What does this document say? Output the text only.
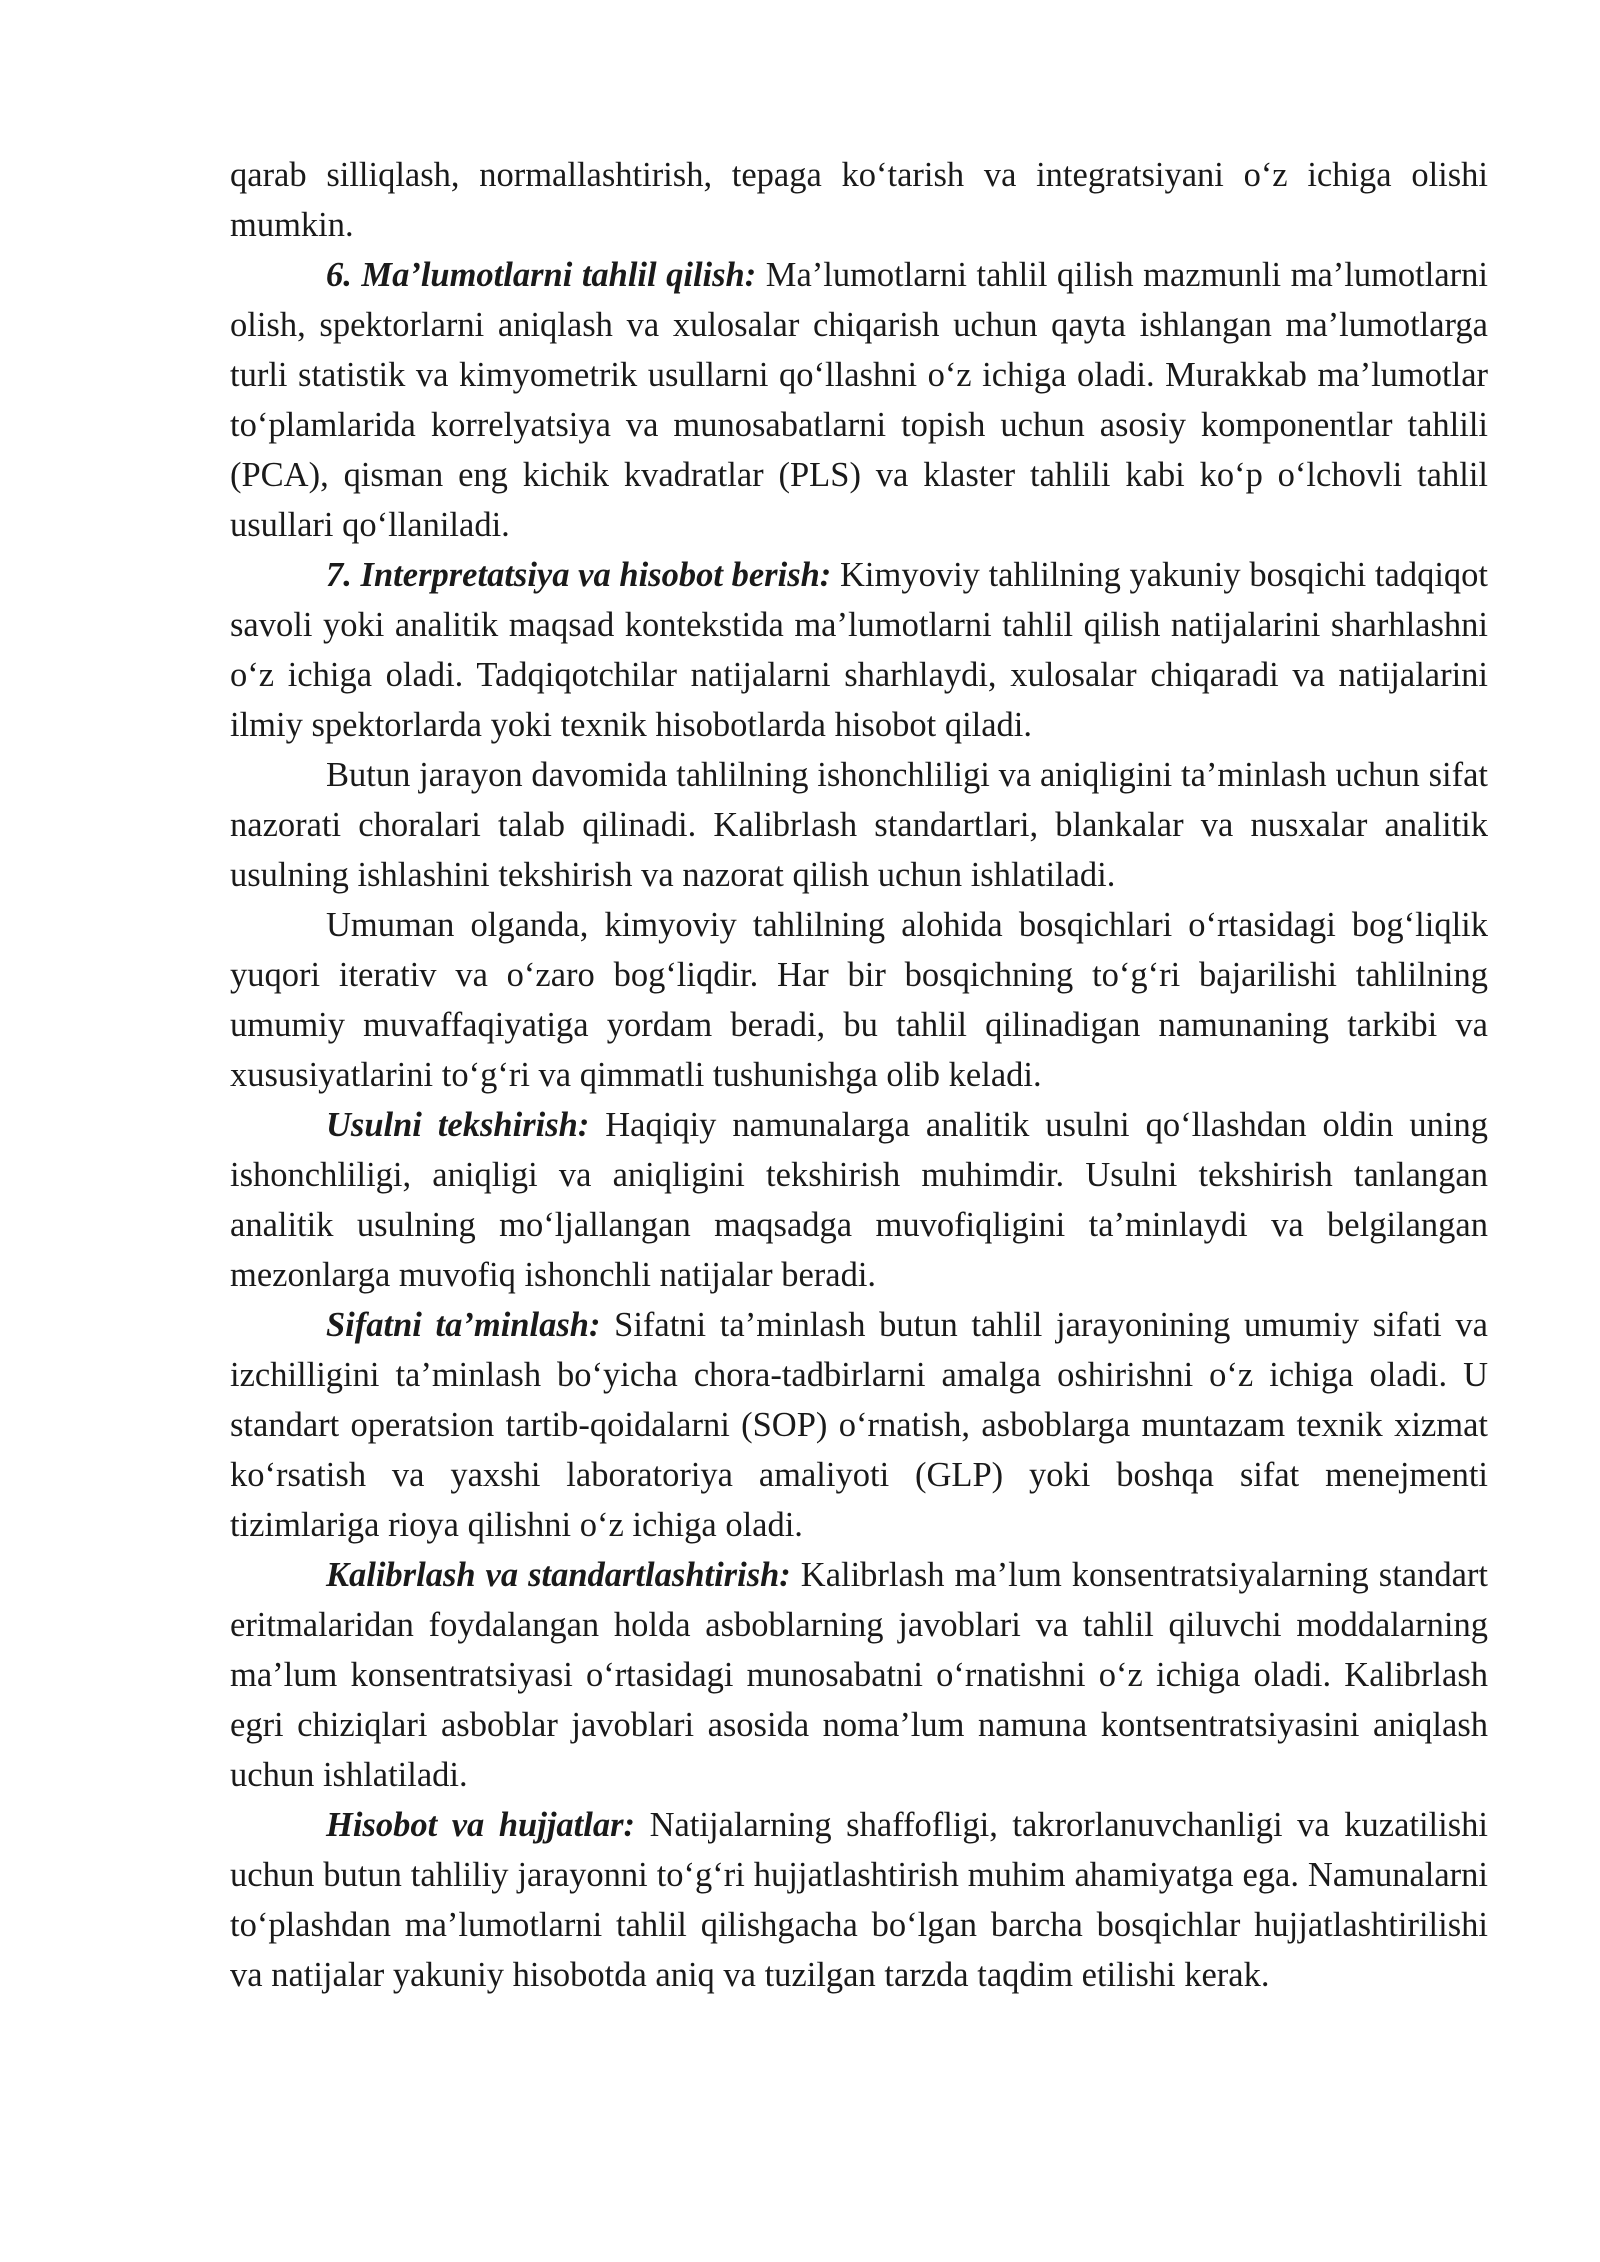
qarab silliqlash, normallashtirish, tepaga ko‘tarish va integratsiyani o‘z ichiga olishi mumkin.

6. Ma’lumotlarni tahlil qilish: Ma’lumotlarni tahlil qilish mazmunli ma’lumotlarni olish, spektorlarni aniqlash va xulosalar chiqarish uchun qayta ishlangan ma’lumotlarga turli statistik va kimyometrik usullarni qo‘llashni o‘z ichiga oladi. Murakkab ma’lumotlar to‘plamlarida korrelyatsiya va munosabatlarni topish uchun asosiy komponentlar tahlili (PCA), qisman eng kichik kvadratlar (PLS) va klaster tahlili kabi ko‘p o‘lchovli tahlil usullari qo‘llaniladi.

7. Interpretatsiya va hisobot berish: Kimyoviy tahlilning yakuniy bosqichi tadqiqot savoli yoki analitik maqsad kontekstida ma’lumotlarni tahlil qilish natijalarini sharhlashni o‘z ichiga oladi. Tadqiqotchilar natijalarni sharhlaydi, xulosalar chiqaradi va natijalarini ilmiy spektorlarda yoki texnik hisobotlarda hisobot qiladi.

Butun jarayon davomida tahlilning ishonchliligi va aniqligini ta’minlash uchun sifat nazorati choralari talab qilinadi. Kalibrlash standartlari, blankalar va nusxalar analitik usulning ishlashini tekshirish va nazorat qilish uchun ishlatiladi.

Umuman olganda, kimyoviy tahlilning alohida bosqichlari o‘rtasidagi bog‘liqlik yuqori iterativ va o‘zaro bog‘liqdir. Har bir bosqichning to‘g‘ri bajarilishi tahlilning umumiy muvaffaqiyatiga yordam beradi, bu tahlil qilinadigan namunaning tarkibi va xususiyatlarini to‘g‘ri va qimmatli tushunishga olib keladi.

Usulni tekshirish: Haqiqiy namunalarga analitik usulni qo‘llashdan oldin uning ishonchliligi, aniqligi va aniqligini tekshirish muhimdir. Usulni tekshirish tanlangan analitik usulning mo‘ljallangan maqsadga muvofiqligini ta’minlaydi va belgilangan mezonlarga muvofiq ishonchli natijalar beradi.

Sifatni ta’minlash: Sifatni ta’minlash butun tahlil jarayonining umumiy sifati va izchilligini ta’minlash bo‘yicha chora-tadbirlarni amalga oshirishni o‘z ichiga oladi. U standart operatsion tartib-qoidalarni (SOP) o‘rnatish, asboblarga muntazam texnik xizmat ko‘rsatish va yaxshi laboratoriya amaliyoti (GLP) yoki boshqa sifat menejmenti tizimlariga rioya qilishni o‘z ichiga oladi.

Kalibrlash va standartlashtirish: Kalibrlash ma’lum konsentratsiyalarning standart eritmalaridan foydalangan holda asboblarning javoblari va tahlil qiluvchi moddalarning ma’lum konsentratsiyasi o‘rtasidagi munosabatni o‘rnatishni o‘z ichiga oladi. Kalibrlash egri chiziqlari asboblar javoblari asosida noma’lum namuna kontsentratsiyasini aniqlash uchun ishlatiladi.

Hisobot va hujjatlar: Natijalarning shaffofligi, takrorlanuvchanligi va kuzatilishi uchun butun tahliliy jarayonni to‘g‘ri hujjatlashtirish muhim ahamiyatga ega. Namunalarni to‘plashdan ma’lumotlarni tahlil qilishgacha bo‘lgan barcha bosqichlar hujjatlashtirilishi va natijalar yakuniy hisobotda aniq va tuzilgan tarzda taqdim etilishi kerak.
